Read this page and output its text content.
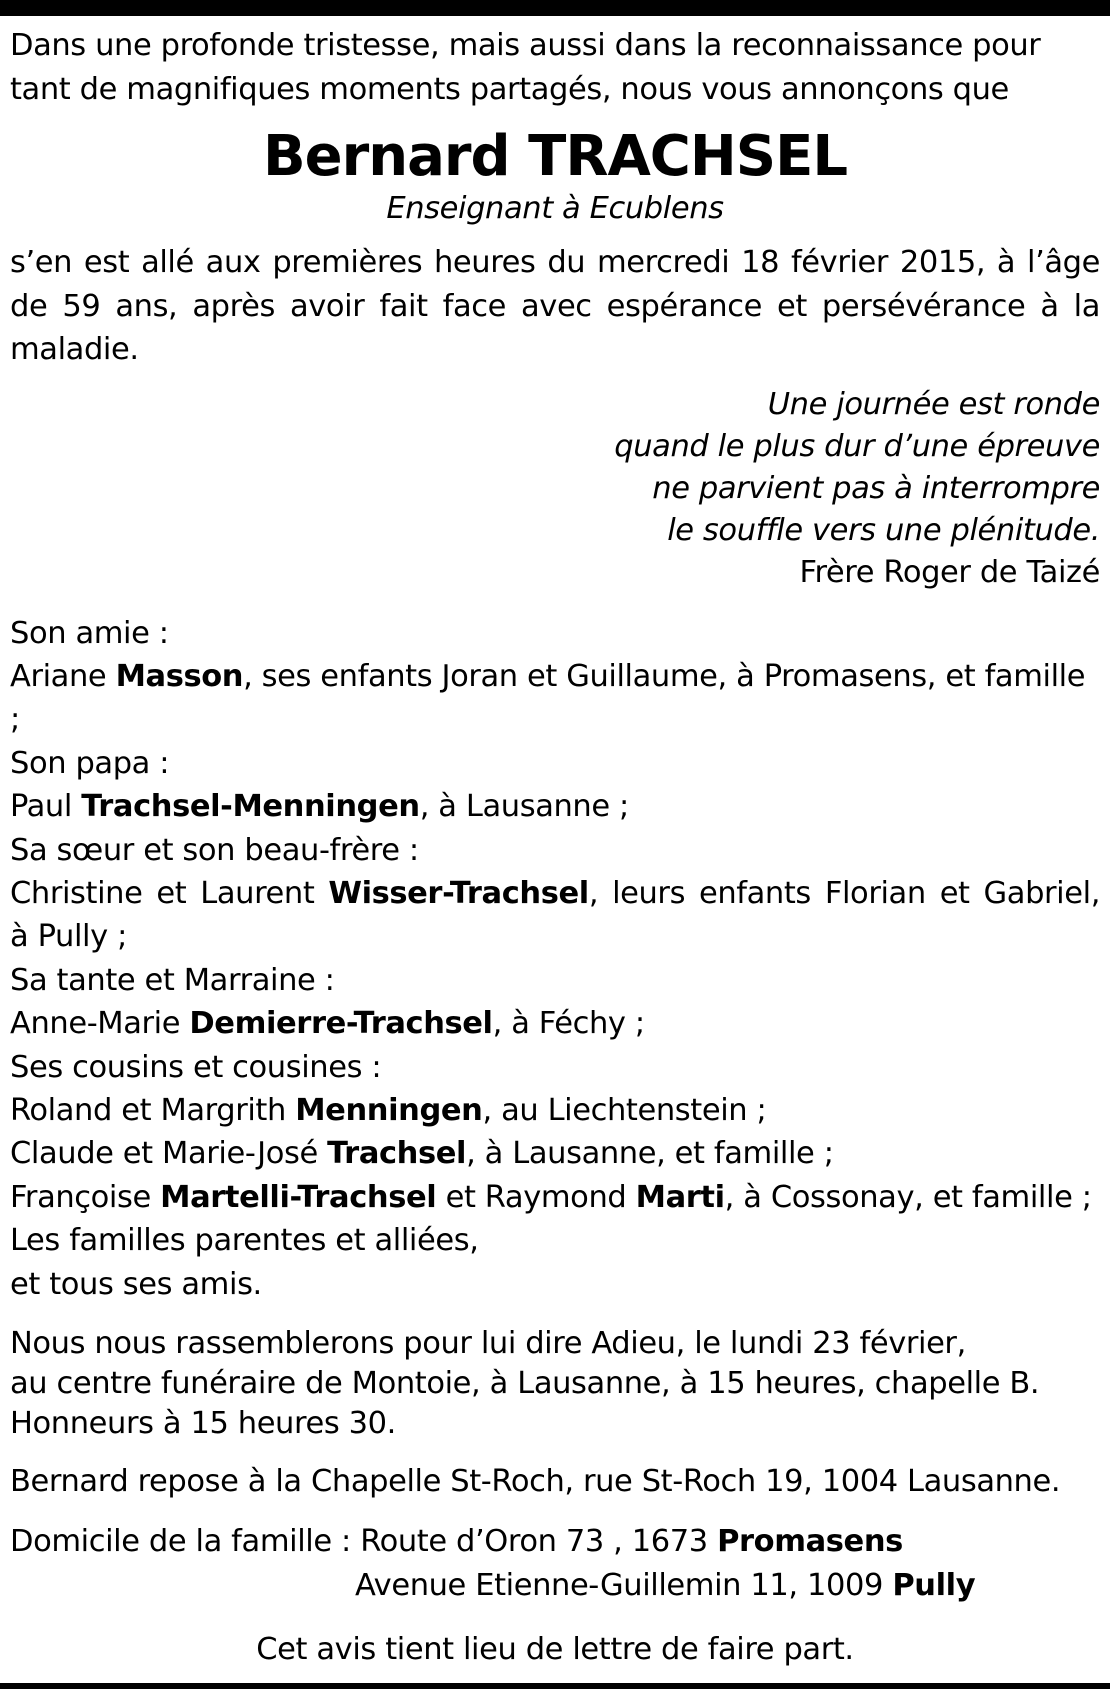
Dans une profonde tristesse, mais aussi dans la reconnaissance pour tant de magnifiques moments partagés, nous vous annonçons que

Bernard TRACHSEL

Enseignant à Ecublens

s’en est allé aux premières heures du mercredi 18 février 2015, à l’âge de 59 ans, après avoir fait face avec espérance et persévérance à la maladie.

Une journée est ronde
quand le plus dur d’une épreuve
ne parvient pas à interrompre
le souffle vers une plénitude.
Frère Roger de Taizé
Son amie :
Ariane Masson, ses enfants Joran et Guillaume, à Promasens, et famille ;
Son papa :
Paul Trachsel-Menningen, à Lausanne ;
Sa sœur et son beau-frère :
Christine et Laurent Wisser-Trachsel, leurs enfants Florian et Gabriel,
à Pully ;
Sa tante et Marraine :
Anne-Marie Demierre-Trachsel, à Féchy ;
Ses cousins et cousines :
Roland et Margrith Menningen, au Liechtenstein ;
Claude et Marie-José Trachsel, à Lausanne, et famille ;
Françoise Martelli-Trachsel et Raymond Marti, à Cossonay, et famille ;
Les familles parentes et alliées,
et tous ses amis.
Nous nous rassemblerons pour lui dire Adieu, le lundi 23 février,
au centre funéraire de Montoie, à Lausanne, à 15 heures, chapelle B.
Honneurs à 15 heures 30.

Bernard repose à la Chapelle St-Roch, rue St-Roch 19, 1004 Lausanne.

Domicile de la famille : Route d’Oron 73 , 1673 Promasens
Avenue Etienne-Guillemin 11, 1009 Pully

Cet avis tient lieu de lettre de faire part.
